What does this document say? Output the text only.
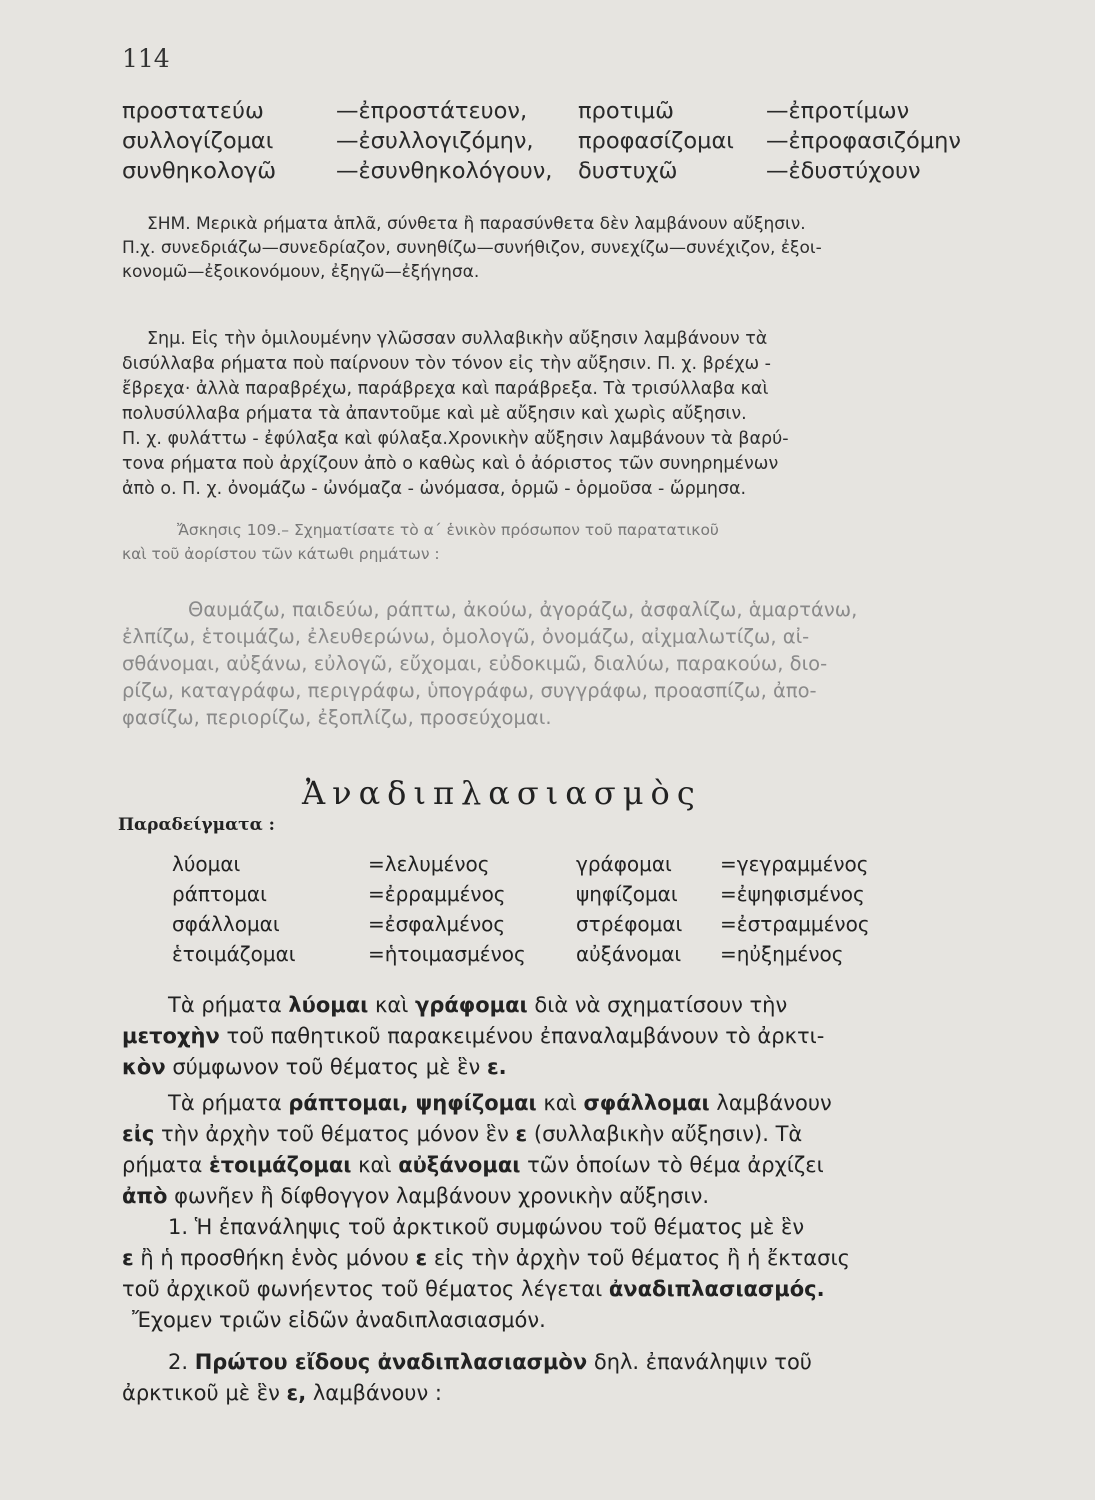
114
προστατεύω	—ἐπροστάτευον, προτιμῶ	—ἐπροτίμων
συλλογίζομαι	—ἐσυλλογιζόμην, προφασίζομαι —ἐπροφασιζόμην
συνθηκολογῶ	—ἐσυνθηκολόγουν, δυστυχῶ	—ἐδυστύχουν
ΣΗΜ. Μερικὰ ρήματα ἁπλᾶ, σύνθετα ἢ παρασύνθετα δὲν λαμβάνουν αὔξησιν.
Π.χ. συνεδριάζω—συνεδρίαζον, συνηθίζω—συνήθιζον, συνεχίζω—συνέχιζον, ἐξοι-
κονομῶ—ἐξοικονόμουν, ἐξηγῶ—ἐξήγησα.
Σημ. Εἰς τὴν ὁμιλουμένην γλῶσσαν συλλαβικὴν αὔξησιν λαμβάνουν τὰ
δισύλλαβα ρήματα ποὺ παίρνουν τὸν τόνον εἰς τὴν αὔξησιν. Π. χ. βρέχω -
ἔβρεχα· ἀλλὰ παραβρέχω, παράβρεχα καὶ παράβρεξα. Τὰ τρισύλλαβα καὶ
πολυσύλλαβα ρήματα τὰ ἀπαντοῦμε καὶ μὲ αὔξησιν καὶ χωρὶς αὔξησιν.
Π. χ. φυλάττω - ἐφύλαξα καὶ φύλαξα.Χρονικὴν αὔξησιν λαμβάνουν τὰ βαρύ-
τονα ρήματα ποὺ ἀρχίζουν ἀπὸ ο καθὼς καὶ ὁ ἀόριστος τῶν συνηρημένων
ἀπὸ ο. Π. χ. ὀνομάζω - ὠνόμαζα - ὠνόμασα, ὁρμῶ - ὁρμοῦσα - ὥρμησα.
Ἄσκησις 109.– Σχηματίσατε τὸ α΄ ἑνικὸν πρόσωπον τοῦ παρατατικοῦ
καὶ τοῦ ἀορίστου τῶν κάτωθι ρημάτων :
Θαυμάζω, παιδεύω, ράπτω, ἀκούω, ἀγοράζω, ἀσφαλίζω, ἁμαρτάνω,
ἐλπίζω, ἑτοιμάζω, ἐλευθερώνω, ὁμολογῶ, ὀνομάζω, αἰχμαλωτίζω, αἰ-
σθάνομαι, αὐξάνω, εὐλογῶ, εὔχομαι, εὐδοκιμῶ, διαλύω, παρακούω, διο-
ρίζω, καταγράφω, περιγράφω, ὑπογράφω, συγγράφω, προασπίζω, ἀπο-
φασίζω, περιορίζω, ἐξοπλίζω, προσεύχομαι.
Ἀναδιπλασιασμὸς
Παραδείγματα :
λύομαι	=λελυμένος	γράφομαι =γεγραμμένος
ράπτομαι	=ἐρραμμένος	ψηφίζομαι =ἐψηφισμένος
σφάλλομαι	=ἐσφαλμένος	στρέφομαι =ἐστραμμένος
ἑτοιμάζομαι	=ἡτοιμασμένος	αὐξάνομαι =ηὐξημένος
Τὰ ρήματα λύομαι καὶ γράφομαι διὰ νὰ σχηματίσουν τὴν
μετοχὴν τοῦ παθητικοῦ παρακειμένου ἐπαναλαμβάνουν τὸ ἀρκτι-
κὸν σύμφωνον τοῦ θέματος μὲ ἓν ε.
Τὰ ρήματα ράπτομαι, ψηφίζομαι καὶ σφάλλομαι λαμβάνουν
εἰς τὴν ἀρχὴν τοῦ θέματος μόνον ἓν ε (συλλαβικὴν αὔξησιν). Τὰ
ρήματα ἑτοιμάζομαι καὶ αὐξάνομαι τῶν ὁποίων τὸ θέμα ἀρχίζει
ἀπὸ φωνῆεν ἢ δίφθογγον λαμβάνουν χρονικὴν αὔξησιν.
1. Ἡ ἐπανάληψις τοῦ ἀρκτικοῦ συμφώνου τοῦ θέματος μὲ ἓν
ε ἢ ἡ προσθήκη ἑνὸς μόνου ε εἰς τὴν ἀρχὴν τοῦ θέματος ἢ ἡ ἔκτασις
τοῦ ἀρχικοῦ φωνήεντος τοῦ θέματος λέγεται ἀναδιπλασιασμός.
Ἔχομεν τριῶν εἰδῶν ἀναδιπλασιασμόν.
2. Πρώτου εἴδους ἀναδιπλασιασμὸν δηλ. ἐπανάληψιν τοῦ
ἀρκτικοῦ μὲ ἓν ε, λαμβάνουν :
